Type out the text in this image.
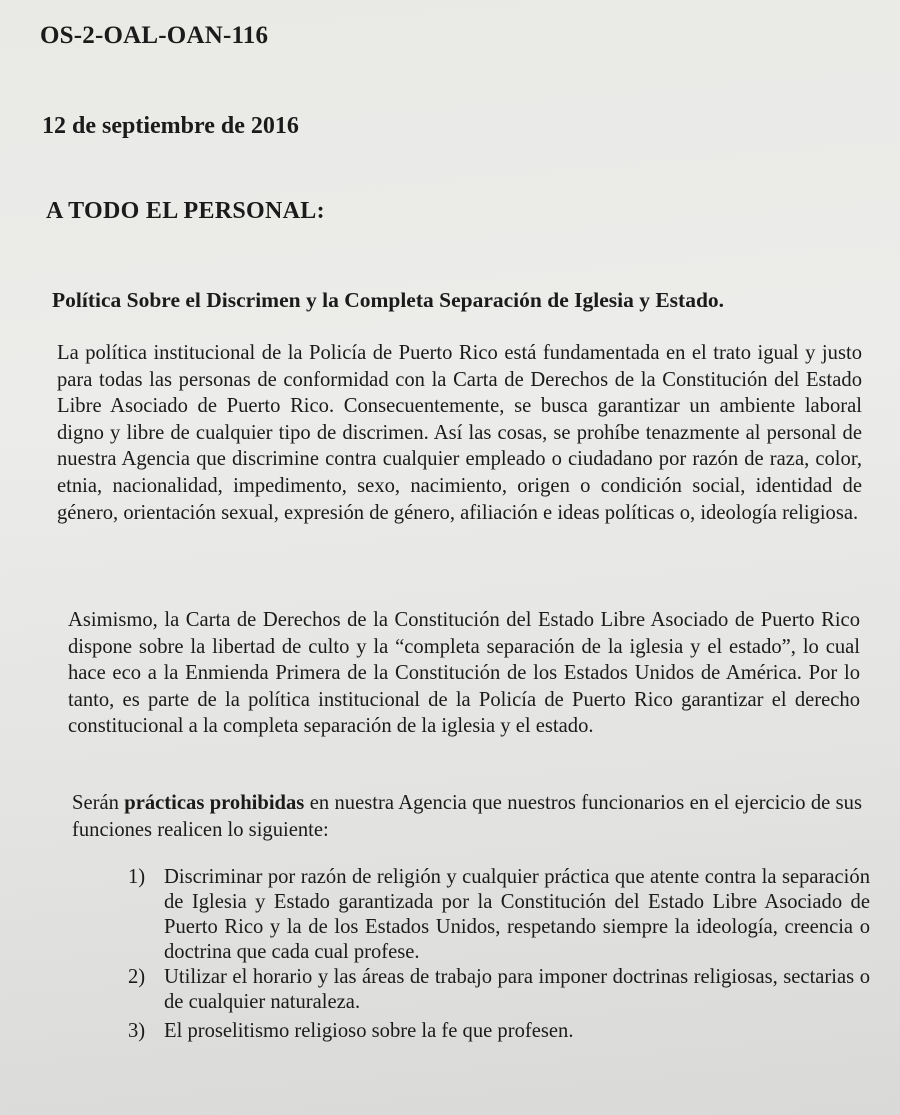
OS-2-OAL-OAN-116
12 de septiembre de 2016
A TODO EL PERSONAL:
Política Sobre el Discrimen y la Completa Separación de Iglesia y Estado.
La política institucional de la Policía de Puerto Rico está fundamentada en el trato igual y justo para todas las personas de conformidad con la Carta de Derechos de la Constitución del Estado Libre Asociado de Puerto Rico. Consecuentemente, se busca garantizar un ambiente laboral digno y libre de cualquier tipo de discrimen. Así las cosas, se prohíbe tenazmente al personal de nuestra Agencia que discrimine contra cualquier empleado o ciudadano por razón de raza, color, etnia, nacionalidad, impedimento, sexo, nacimiento, origen o condición social, identidad de género, orientación sexual, expresión de género, afiliación e ideas políticas o, ideología religiosa.
Asimismo, la Carta de Derechos de la Constitución del Estado Libre Asociado de Puerto Rico dispone sobre la libertad de culto y la “completa separación de la iglesia y el estado”, lo cual hace eco a la Enmienda Primera de la Constitución de los Estados Unidos de América. Por lo tanto, es parte de la política institucional de la Policía de Puerto Rico garantizar el derecho constitucional a la completa separación de la iglesia y el estado.
Serán prácticas prohibidas en nuestra Agencia que nuestros funcionarios en el ejercicio de sus funciones realicen lo siguiente:
1) Discriminar por razón de religión y cualquier práctica que atente contra la separación de Iglesia y Estado garantizada por la Constitución del Estado Libre Asociado de Puerto Rico y la de los Estados Unidos, respetando siempre la ideología, creencia o doctrina que cada cual profese.
2) Utilizar el horario y las áreas de trabajo para imponer doctrinas religiosas, sectarias o de cualquier naturaleza.
3) El proselitismo religioso sobre la fe que profesen.
